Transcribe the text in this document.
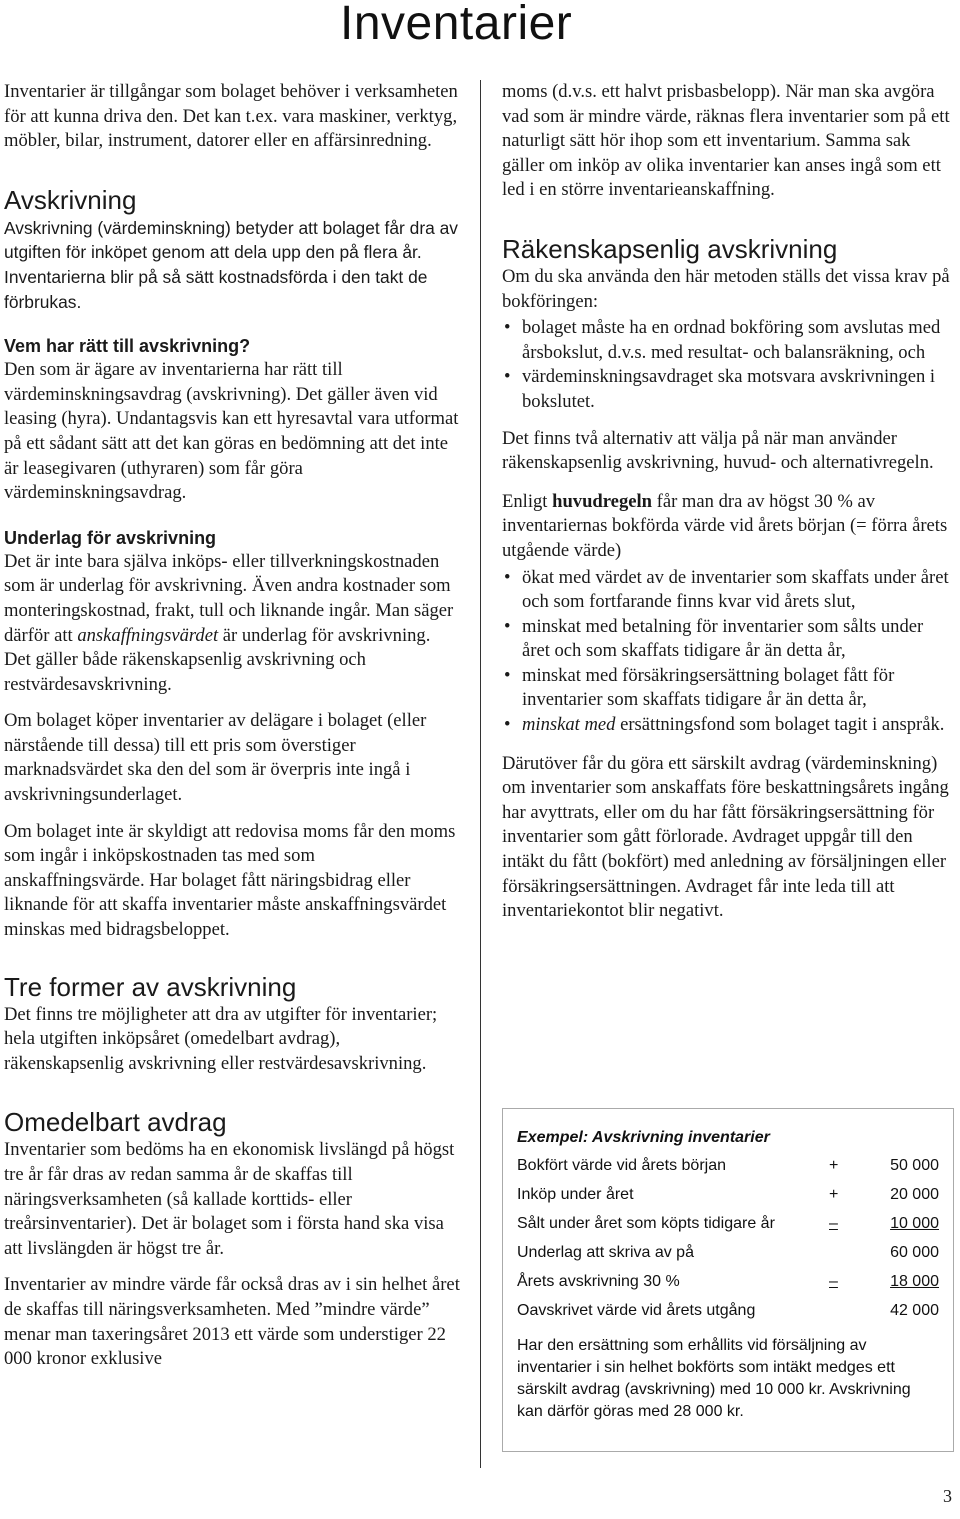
Inventarier

Inventarier är tillgångar som bolaget behöver i verksamheten för att kunna driva den. Det kan t.ex. vara maskiner, verktyg, möbler, bilar, instrument, datorer eller en affärsinredning.

Avskrivning

Avskrivning (värdeminskning) betyder att bolaget får dra av utgiften för inköpet genom att dela upp den på flera år. Inventarierna blir på så sätt kostnadsförda i den takt de förbrukas.

Vem har rätt till avskrivning?

Den som är ägare av inventarierna har rätt till värdeminskningsavdrag (avskrivning). Det gäller även vid leasing (hyra). Undantagsvis kan ett hyresavtal vara utformat på ett sådant sätt att det kan göras en bedömning att det inte är leasegivaren (uthyraren) som får göra värdeminskningsavdrag.

Underlag för avskrivning

Det är inte bara själva inköps- eller tillverkningskostnaden som är underlag för avskrivning. Även andra kostnader som monteringskostnad, frakt, tull och liknande ingår. Man säger därför att anskaffningsvärdet är underlag för avskrivning. Det gäller både räkenskapsenlig avskrivning och restvärdesavskrivning.

Om bolaget köper inventarier av delägare i bolaget (eller närstående till dessa) till ett pris som överstiger marknadsvärdet ska den del som är överpris inte ingå i avskrivningsunderlaget.

Om bolaget inte är skyldigt att redovisa moms får den moms som ingår i inköpskostnaden tas med som anskaffningsvärde. Har bolaget fått näringsbidrag eller liknande för att skaffa inventarier måste anskaffningsvärdet minskas med bidragsbeloppet.

Tre former av avskrivning

Det finns tre möjligheter att dra av utgifter för inventarier; hela utgiften inköpsåret (omedelbart avdrag), räkenskapsenlig avskrivning eller restvärdesavskrivning.

Omedelbart avdrag

Inventarier som bedöms ha en ekonomisk livslängd på högst tre år får dras av redan samma år de skaffas till näringsverksamheten (så kallade korttids- eller treårsinventarier). Det är bolaget som i första hand ska visa att livslängden är högst tre år.

Inventarier av mindre värde får också dras av i sin helhet året de skaffas till näringsverksamheten. Med ”mindre värde” menar man taxeringsåret 2013 ett värde som understiger 22 000 kronor exklusive

moms (d.v.s. ett halvt prisbasbelopp). När man ska avgöra vad som är mindre värde, räknas flera inventarier som på ett naturligt sätt hör ihop som ett inventarium. Samma sak gäller om inköp av olika inventarier kan anses ingå som ett led i en större inventarieanskaffning.

Räkenskapsenlig avskrivning

Om du ska använda den här metoden ställs det vissa krav på bokföringen:

• bolaget måste ha en ordnad bokföring som avslutas med årsbokslut, d.v.s. med resultat- och balansräkning, och
• värdeminskningsavdraget ska motsvara avskrivningen i bokslutet.

Det finns två alternativ att välja på när man använder räkenskapsenlig avskrivning, huvud- och alternativregeln.

Enligt huvudregeln får man dra av högst 30 % av inventariernas bokförda värde vid årets början (= förra årets utgående värde)

• ökat med värdet av de inventarier som skaffats under året och som fortfarande finns kvar vid årets slut,
• minskat med betalning för inventarier som sålts under året och som skaffats tidigare år än detta år,
• minskat med försäkringsersättning bolaget fått för inventarier som skaffats tidigare år än detta år,
• minskat med ersättningsfond som bolaget tagit i anspråk.

Därutöver får du göra ett särskilt avdrag (värdeminskning) om inventarier som anskaffats före beskattningsårets ingång har avyttrats, eller om du har fått försäkringsersättning för inventarier som gått förlorade. Avdraget uppgår till den intäkt du fått (bokfört) med anledning av försäljningen eller försäkringsersättningen. Avdraget får inte leda till att inventariekontot blir negativt.

Exempel: Avskrivning inventarier
Bokfört värde vid årets början	+	50 000
Inköp under året	+	20 000
Sålt under året som köpts tidigare år	–	10 000
Underlag att skriva av på	60 000
Årets avskrivning 30 %	–	18 000
Oavskrivet värde vid årets utgång	42 000
Har den ersättning som erhållits vid försäljning av inventarier i sin helhet bokförts som intäkt medges ett särskilt avdrag (avskrivning) med 10 000 kr. Avskrivning kan därför göras med 28 000 kr.
3
